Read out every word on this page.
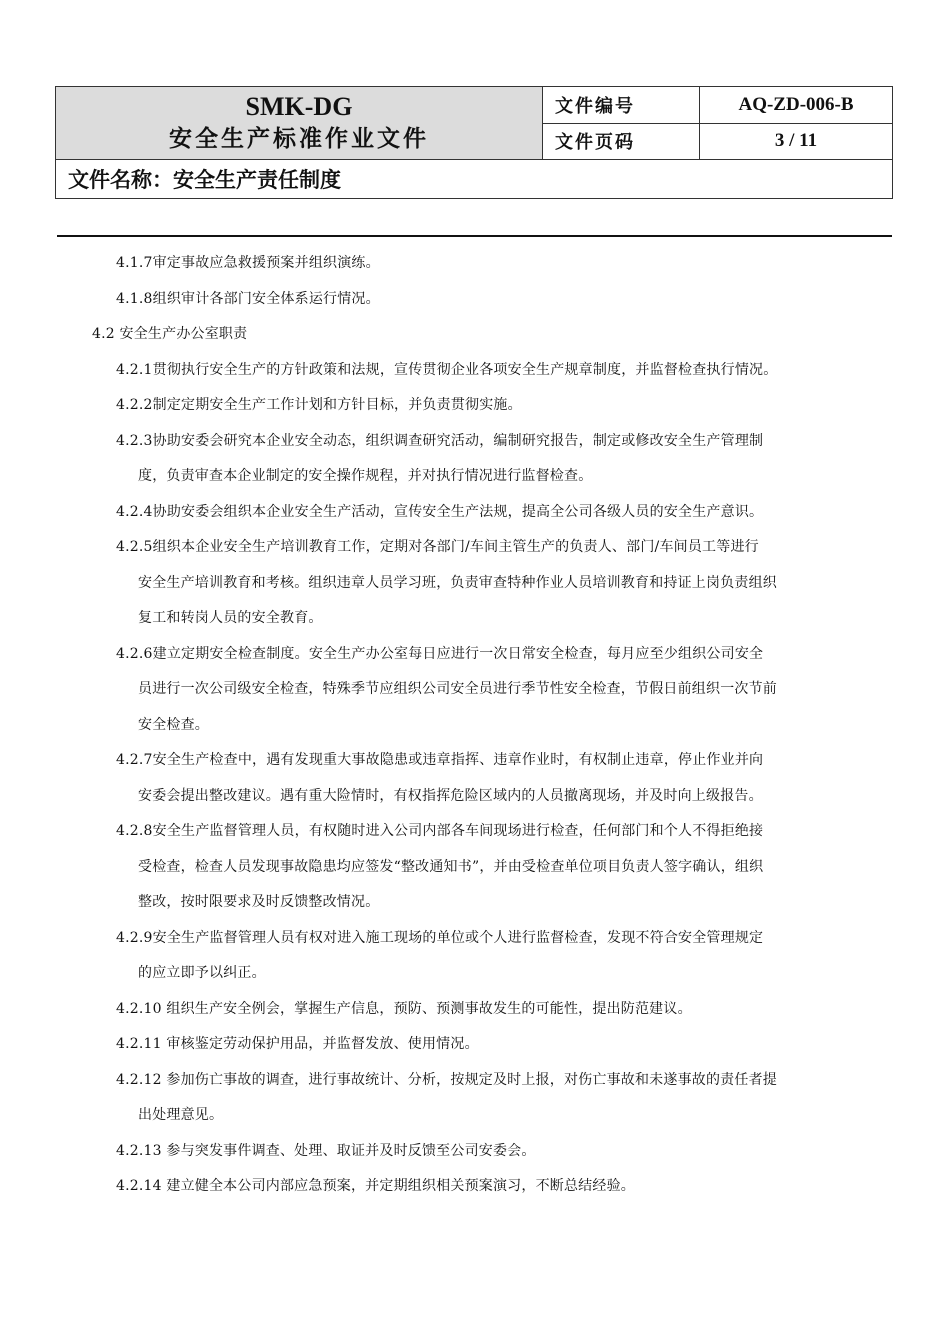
SMK-DG
安全生产标准作业文件	文件编号	AQ-ZD-006-B
	文件页码	3 / 11
文件名称：安全生产责任制度		
4.1.7审定事故应急救援预案并组织演练。
4.1.8组织审计各部门安全体系运行情况。
4.2 安全生产办公室职责
4.2.1贯彻执行安全生产的方针政策和法规，宣传贯彻企业各项安全生产规章制度，并监督检查执行情况。
4.2.2制定定期安全生产工作计划和方针目标，并负责贯彻实施。
4.2.3协助安委会研究本企业安全动态，组织调查研究活动，编制研究报告，制定或修改安全生产管理制
度，负责审查本企业制定的安全操作规程，并对执行情况进行监督检查。
4.2.4协助安委会组织本企业安全生产活动，宣传安全生产法规，提高全公司各级人员的安全生产意识。
4.2.5组织本企业安全生产培训教育工作，定期对各部门/车间主管生产的负责人、部门/车间员工等进行
安全生产培训教育和考核。组织违章人员学习班，负责审查特种作业人员培训教育和持证上岗负责组织
复工和转岗人员的安全教育。
4.2.6建立定期安全检查制度。安全生产办公室每日应进行一次日常安全检查，每月应至少组织公司安全
员进行一次公司级安全检查，特殊季节应组织公司安全员进行季节性安全检查，节假日前组织一次节前
安全检查。
4.2.7安全生产检查中，遇有发现重大事故隐患或违章指挥、违章作业时，有权制止违章，停止作业并向
安委会提出整改建议。遇有重大险情时，有权指挥危险区域内的人员撤离现场，并及时向上级报告。
4.2.8安全生产监督管理人员，有权随时进入公司内部各车间现场进行检查，任何部门和个人不得拒绝接
受检查，检查人员发现事故隐患均应签发“整改通知书”，并由受检查单位项目负责人签字确认，组织
整改，按时限要求及时反馈整改情况。
4.2.9安全生产监督管理人员有权对进入施工现场的单位或个人进行监督检查，发现不符合安全管理规定
的应立即予以纠正。
4.2.10 组织生产安全例会，掌握生产信息，预防、预测事故发生的可能性，提出防范建议。
4.2.11 审核鉴定劳动保护用品，并监督发放、使用情况。
4.2.12 参加伤亡事故的调查，进行事故统计、分析，按规定及时上报，对伤亡事故和未遂事故的责任者提
出处理意见。
4.2.13 参与突发事件调查、处理、取证并及时反馈至公司安委会。
4.2.14 建立健全本公司内部应急预案，并定期组织相关预案演习，不断总结经验。
